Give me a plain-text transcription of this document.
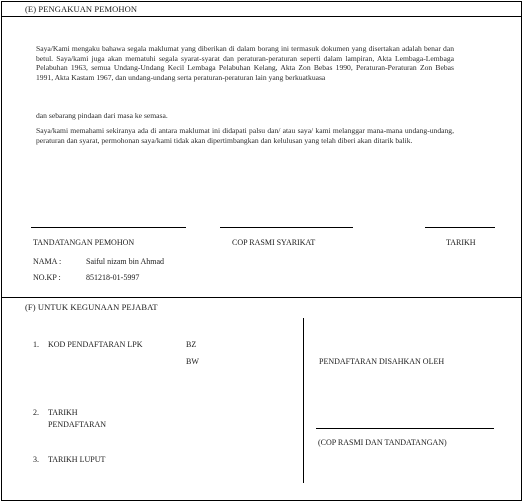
(E) PENGAKUAN PEMOHON
Saya/Kami mengaku bahawa segala maklumat yang diberikan di dalam borang ini termasuk dokumen yang disertakan adalah benar dan betul. Saya/kami juga akan mematuhi segala syarat-syarat dan peraturan-peraturan seperti dalam lampiran, Akta Lembaga-Lembaga Pelabuhan 1963, semua Undang-Undang Kecil Lembaga Pelabuhan Kelang, Akta Zon Bebas 1990, Peraturan-Peraturan Zon Bebas 1991, Akta Kastam 1967, dan undang-undang serta peraturan-peraturan lain yang berkuatkuasa
dan sebarang pindaan dari masa ke semasa.
Saya/kami memahami sekiranya ada di antara maklumat ini didapati palsu dan/ atau saya/ kami melanggar mana-mana undang-undang, peraturan dan syarat, permohonan saya/kami tidak akan dipertimbangkan dan kelulusan yang telah diberi akan ditarik balik.
TANDATANGAN PEMOHON	COP RASMI SYARIKAT	TARIKH
NAMA :	Saiful nizam bin Ahmad
NO.KP :	851218-01-5997
(F) UNTUK KEGUNAAN PEJABAT
1. KOD PENDAFTARAN LPK	BZ
BW
2. TARIKH
PENDAFTARAN
3. TARIKH LUPUT
PENDAFTARAN DISAHKAN OLEH
(COP RASMI DAN TANDATANGAN)
